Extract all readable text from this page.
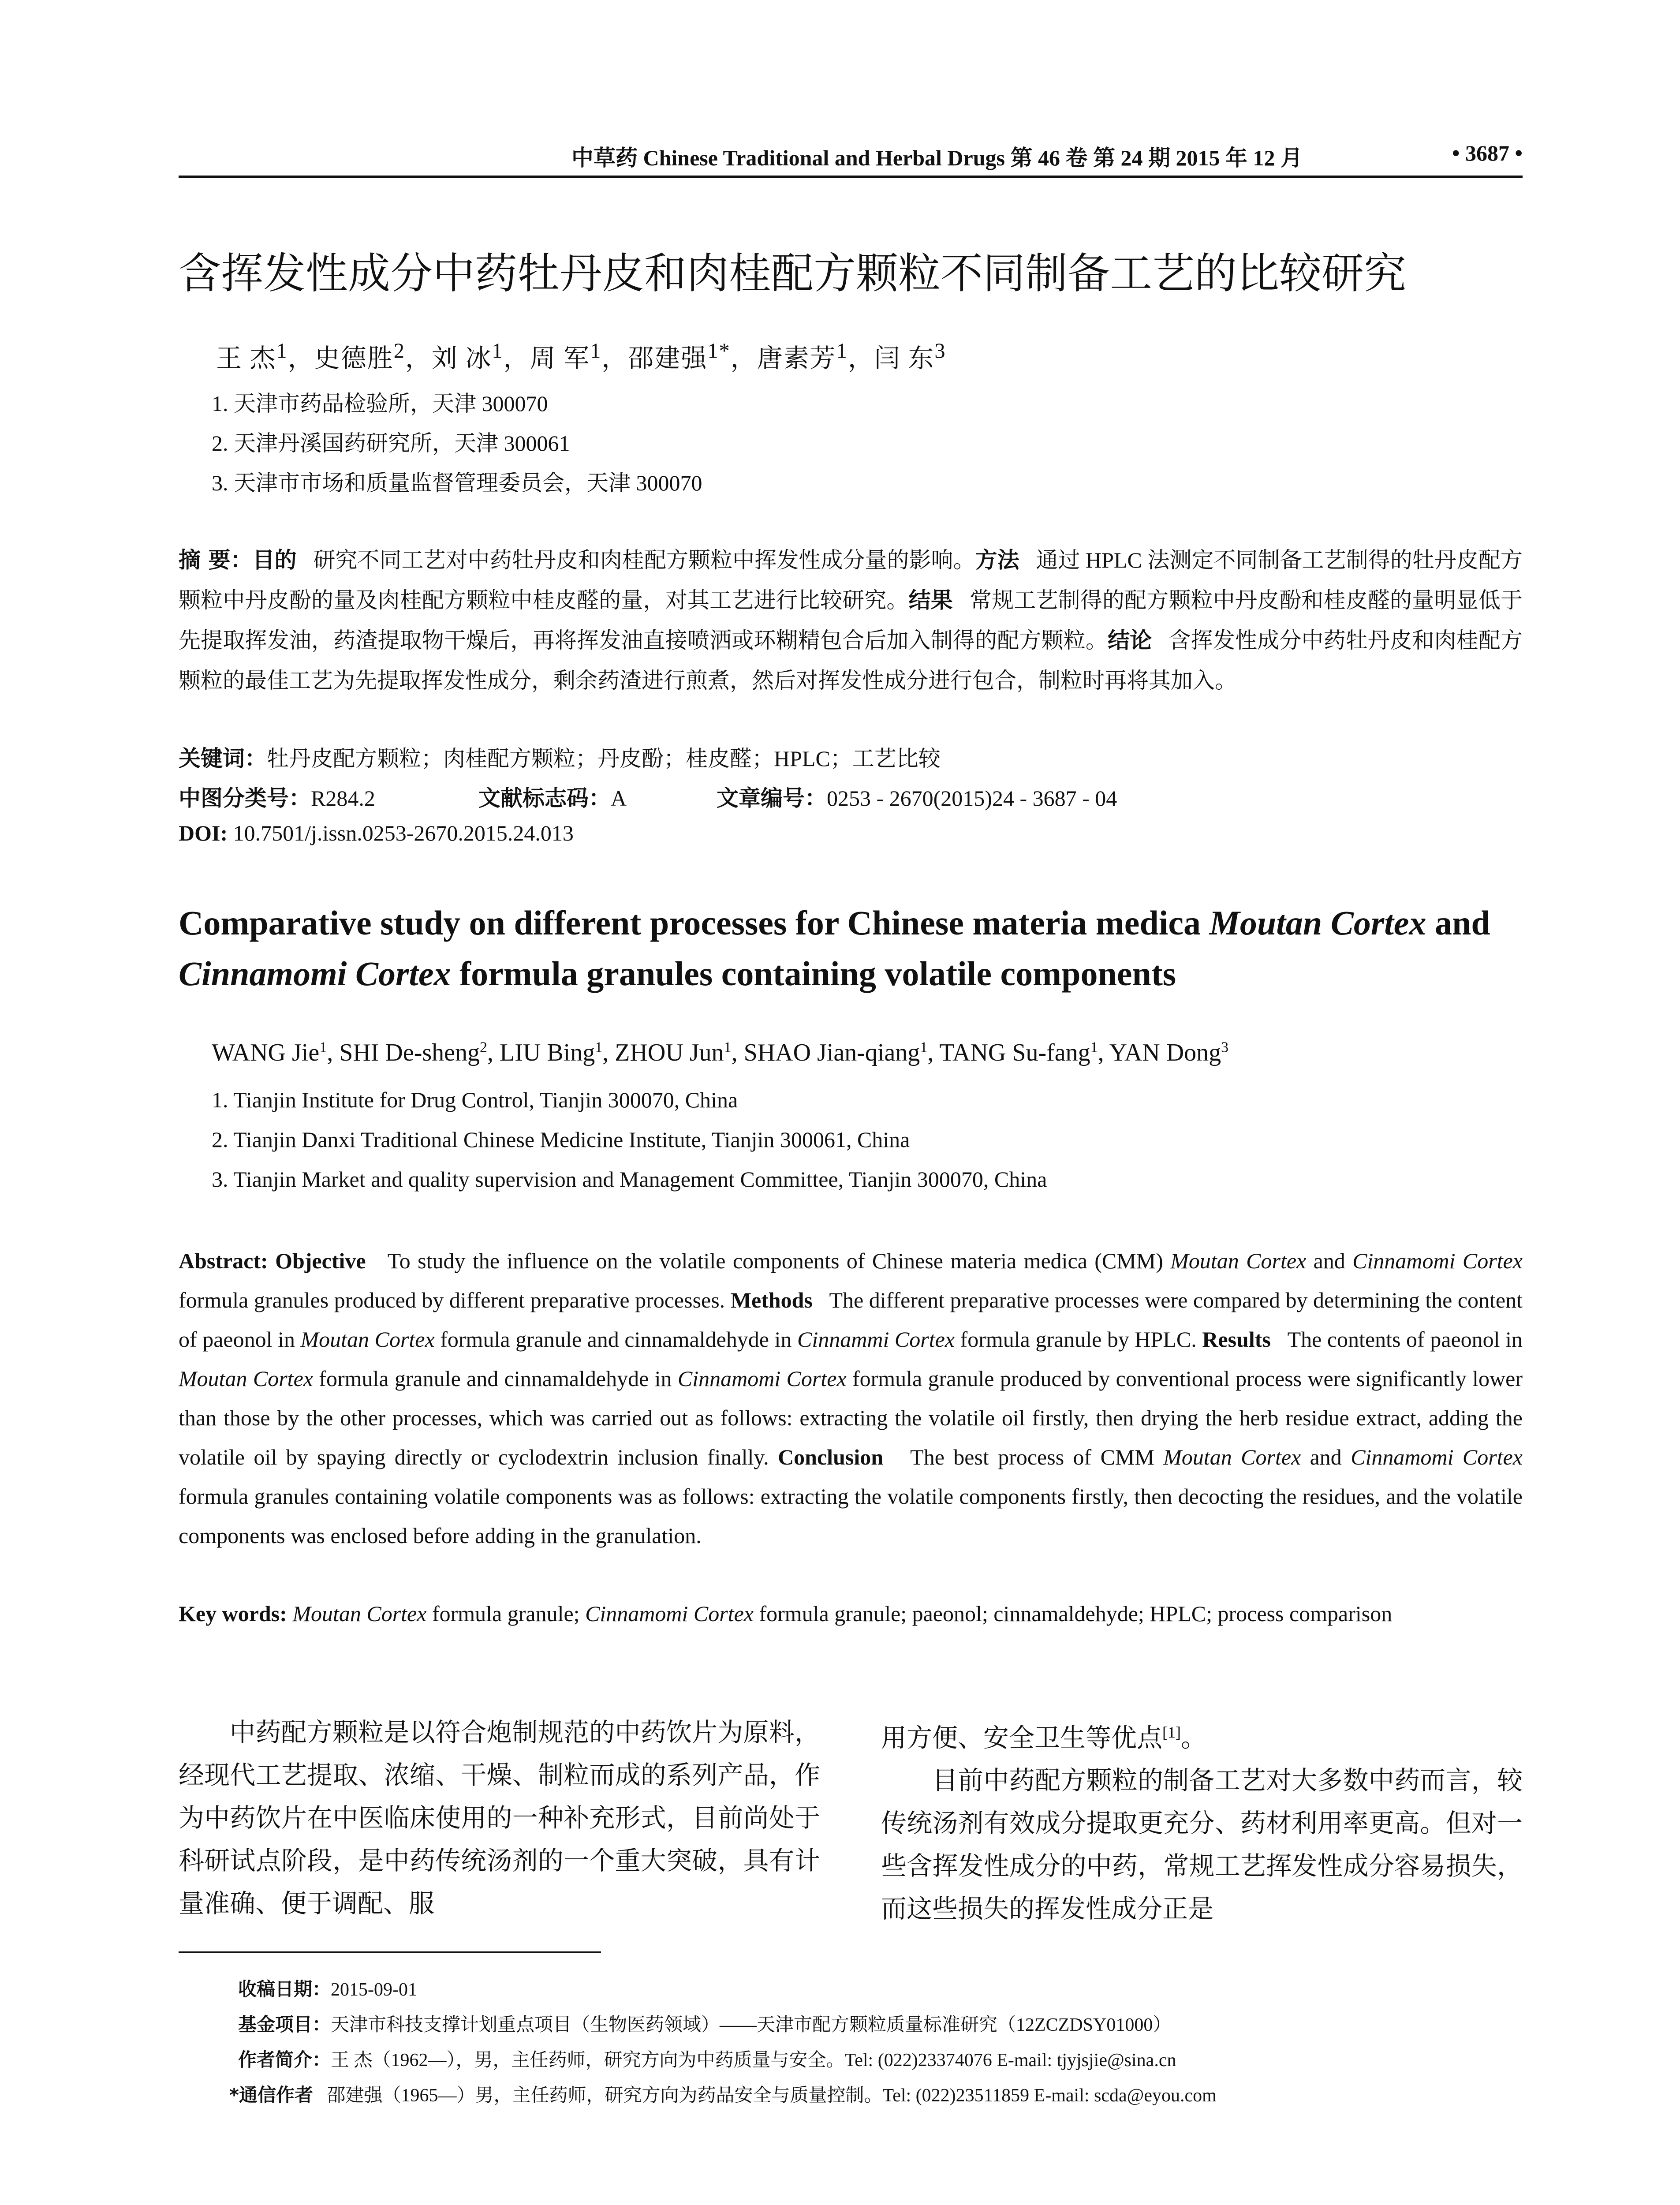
中草药 Chinese Traditional and Herbal Drugs 第 46 卷 第 24 期 2015 年 12 月	• 3687 •
含挥发性成分中药牡丹皮和肉桂配方颗粒不同制备工艺的比较研究
王 杰$^1$，史德胜$^2$，刘 冰$^1$，周 军$^1$，邵建强$^{1*}$，唐素芳$^1$，闫 东$^3$
1. 天津市药品检验所，天津 300070
2. 天津丹溪国药研究所，天津 300061
3. 天津市市场和质量监督管理委员会，天津 300070
摘 要：目的 研究不同工艺对中药牡丹皮和肉桂配方颗粒中挥发性成分量的影响。方法 通过 HPLC 法测定不同制备工艺制得的牡丹皮配方颗粒中丹皮酚的量及肉桂配方颗粒中桂皮醛的量，对其工艺进行比较研究。结果 常规工艺制得的配方颗粒中丹皮酚和桂皮醛的量明显低于先提取挥发油，药渣提取物干燥后，再将挥发油直接喷洒或环糊精包合后加入制得的配方颗粒。结论 含挥发性成分中药牡丹皮和肉桂配方颗粒的最佳工艺为先提取挥发性成分，剩余药渣进行煎煮，然后对挥发性成分进行包合，制粒时再将其加入。
关键词：牡丹皮配方颗粒；肉桂配方颗粒；丹皮酚；桂皮醛；HPLC；工艺比较
中图分类号：R284.2	文献标志码：A	文章编号：0253 - 2670(2015)24 - 3687 - 04
DOI: 10.7501/j.issn.0253-2670.2015.24.013
Comparative study on different processes for Chinese materia medica Moutan Cortex and Cinnamomi Cortex formula granules containing volatile components
WANG Jie$^1$, SHI De-sheng$^2$, LIU Bing$^1$, ZHOU Jun$^1$, SHAO Jian-qiang$^1$, TANG Su-fang$^1$, YAN Dong$^3$
1. Tianjin Institute for Drug Control, Tianjin 300070, China
2. Tianjin Danxi Traditional Chinese Medicine Institute, Tianjin 300061, China
3. Tianjin Market and quality supervision and Management Committee, Tianjin 300070, China
Abstract: Objective To study the influence on the volatile components of Chinese materia medica (CMM) Moutan Cortex and Cinnamomi Cortex formula granules produced by different preparative processes. Methods The different preparative processes were compared by determining the content of paeonol in Moutan Cortex formula granule and cinnamaldehyde in Cinnammi Cortex formula granule by HPLC. Results The contents of paeonol in Moutan Cortex formula granule and cinnamaldehyde in Cinnamomi Cortex formula granule produced by conventional process were significantly lower than those by the other processes, which was carried out as follows: extracting the volatile oil firstly, then drying the herb residue extract, adding the volatile oil by spaying directly or cyclodextrin inclusion finally. Conclusion The best process of CMM Moutan Cortex and Cinnamomi Cortex formula granules containing volatile components was as follows: extracting the volatile components firstly, then decocting the residues, and the volatile components was enclosed before adding in the granulation.
Key words: Moutan Cortex formula granule; Cinnamomi Cortex formula granule; paeonol; cinnamaldehyde; HPLC; process comparison

中药配方颗粒是以符合炮制规范的中药饮片为原料，经现代工艺提取、浓缩、干燥、制粒而成的系列产品，作为中药饮片在中医临床使用的一种补充形式，目前尚处于科研试点阶段，是中药传统汤剂的一个重大突破，具有计量准确、便于调配、服

用方便、安全卫生等优点[1]。

目前中药配方颗粒的制备工艺对大多数中药而言，较传统汤剂有效成分提取更充分、药材利用率更高。但对一些含挥发性成分的中药，常规工艺挥发性成分容易损失，而这些损失的挥发性成分正是

收稿日期：2015-09-01
基金项目：天津市科技支撑计划重点项目（生物医药领域）——天津市配方颗粒质量标准研究（12ZCZDSY01000）
作者简介：王 杰（1962—），男，主任药师，研究方向为中药质量与安全。Tel: (022)23374076 E-mail: tjyjsjie@sina.cn
*通信作者 邵建强（1965—）男，主任药师，研究方向为药品安全与质量控制。Tel: (022)23511859 E-mail: scda@eyou.com
